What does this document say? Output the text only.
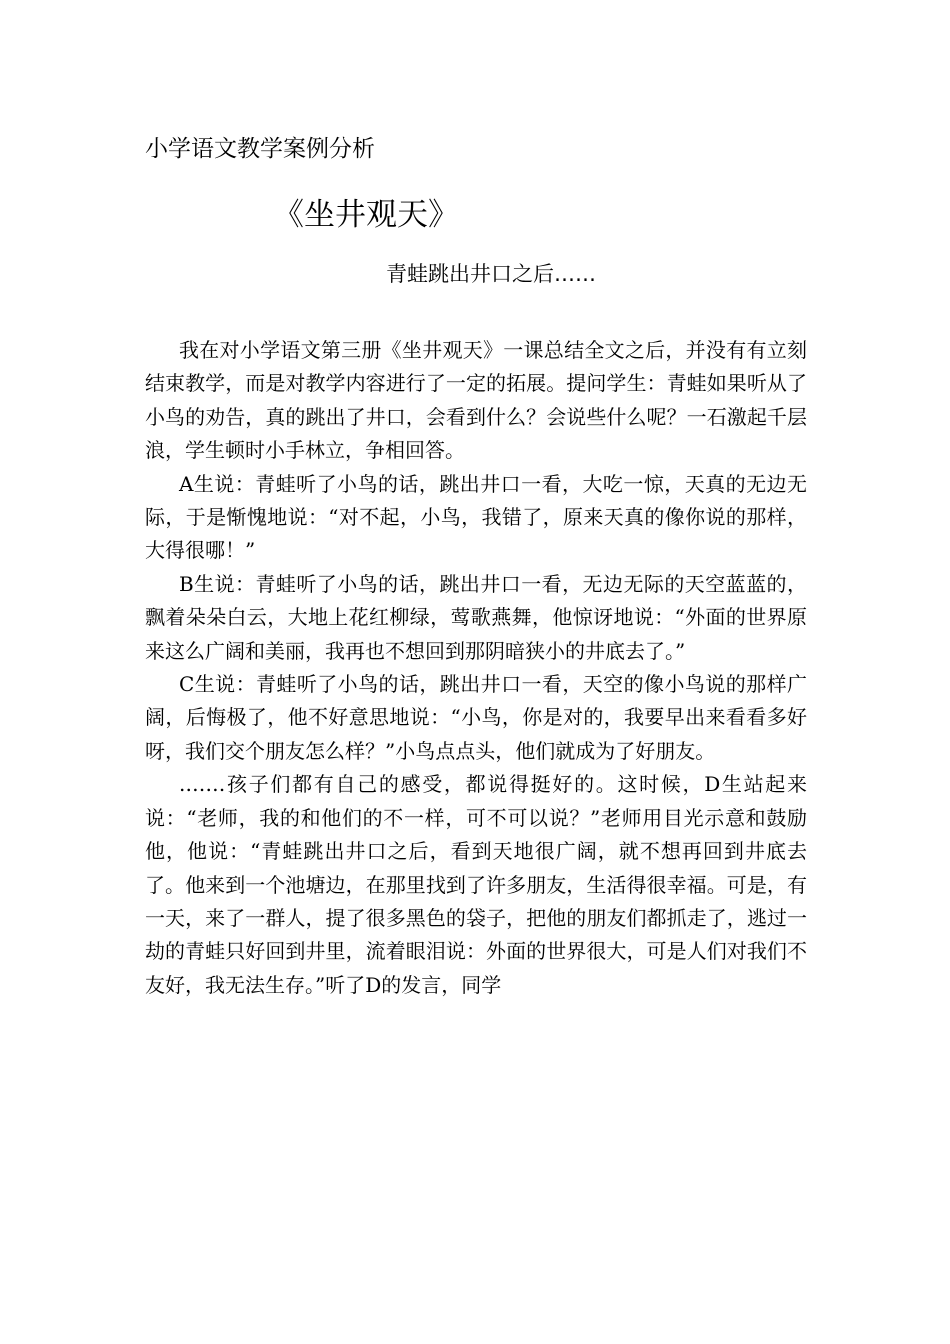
小学语文教学案例分析
《坐井观天》
青蛙跳出井口之后……

我在对小学语文第三册《坐井观天》一课总结全文之后，并没有有立刻结束教学，而是对教学内容进行了一定的拓展。提问学生：青蛙如果听从了小鸟的劝告，真的跳出了井口，会看到什么？会说些什么呢？一石激起千层浪，学生顿时小手林立，争相回答。

A生说：青蛙听了小鸟的话，跳出井口一看，大吃一惊，天真的无边无际，于是惭愧地说：“对不起，小鸟，我错了，原来天真的像你说的那样，大得很哪！”

B生说：青蛙听了小鸟的话，跳出井口一看，无边无际的天空蓝蓝的，飘着朵朵白云，大地上花红柳绿，莺歌燕舞，他惊讶地说：“外面的世界原来这么广阔和美丽，我再也不想回到那阴暗狭小的井底去了。”

C生说：青蛙听了小鸟的话，跳出井口一看，天空的像小鸟说的那样广阔，后悔极了，他不好意思地说：“小鸟，你是对的，我要早出来看看多好呀，我们交个朋友怎么样？”小鸟点点头，他们就成为了好朋友。

.……孩子们都有自己的感受，都说得挺好的。这时候，D生站起来说：“老师，我的和他们的不一样，可不可以说？”老师用目光示意和鼓励他，他说：“青蛙跳出井口之后，看到天地很广阔，就不想再回到井底去了。他来到一个池塘边，在那里找到了许多朋友，生活得很幸福。可是，有一天，来了一群人，提了很多黑色的袋子，把他的朋友们都抓走了，逃过一劫的青蛙只好回到井里，流着眼泪说：外面的世界很大，可是人们对我们不友好，我无法生存。”听了D的发言，同学
